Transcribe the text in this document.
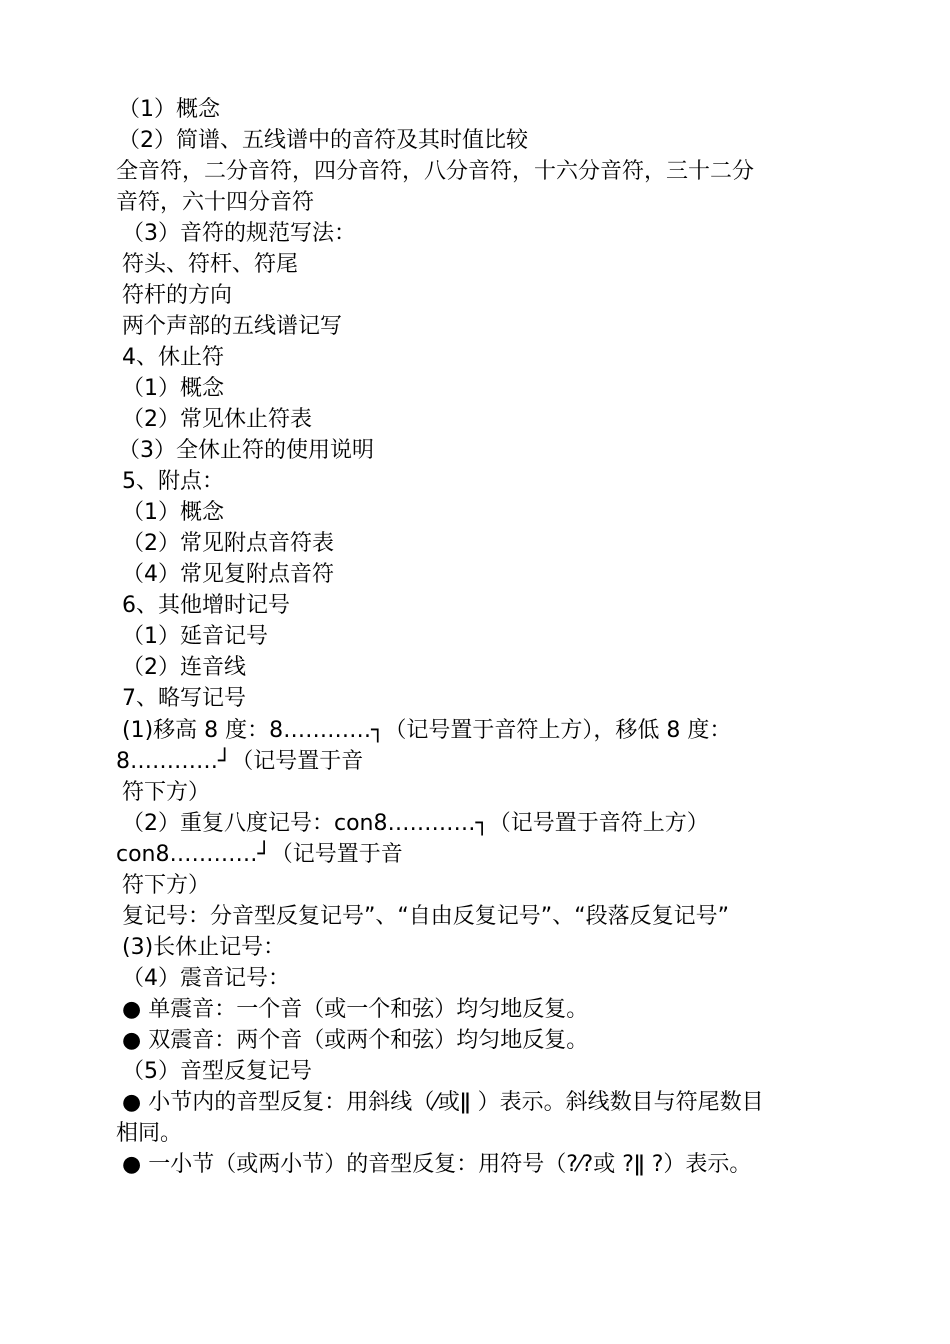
（1）概念
（2）简谱、五线谱中的音符及其时值比较
全音符，二分音符，四分音符，八分音符，十六分音符，三十二分
音符，六十四分音符
（3）音符的规范写法：
符头、符杆、符尾
符杆的方向
两个声部的五线谱记写
4、休止符
（1）概念
（2）常见休止符表
（3）全休止符的使用说明
5、附点：
（1）概念
（2）常见附点音符表
（4）常见复附点音符
6、其他增时记号
（1）延音记号
（2）连音线
7、略写记号
(1)移高 8 度：8…………┐（记号置于音符上方），移低 8 度：
8…………┘（记号置于音
符下方）
（2）重复八度记号：con8…………┐（记号置于音符上方）
con8…………┘（记号置于音
符下方）
复记号：分音型反复记号”、“自由反复记号”、“段落反复记号”
(3)长休止记号：
（4）震音记号：
● 单震音：一个音（或一个和弦）均匀地反复。
● 双震音：两个音（或两个和弦）均匀地反复。
（5）音型反复记号
● 小节内的音型反复：用斜线（⁄或ǁ ）表示。斜线数目与符尾数目
相同。
● 一小节（或两小节）的音型反复：用符号（?⁄?或 ?ǁ ?）表示。
